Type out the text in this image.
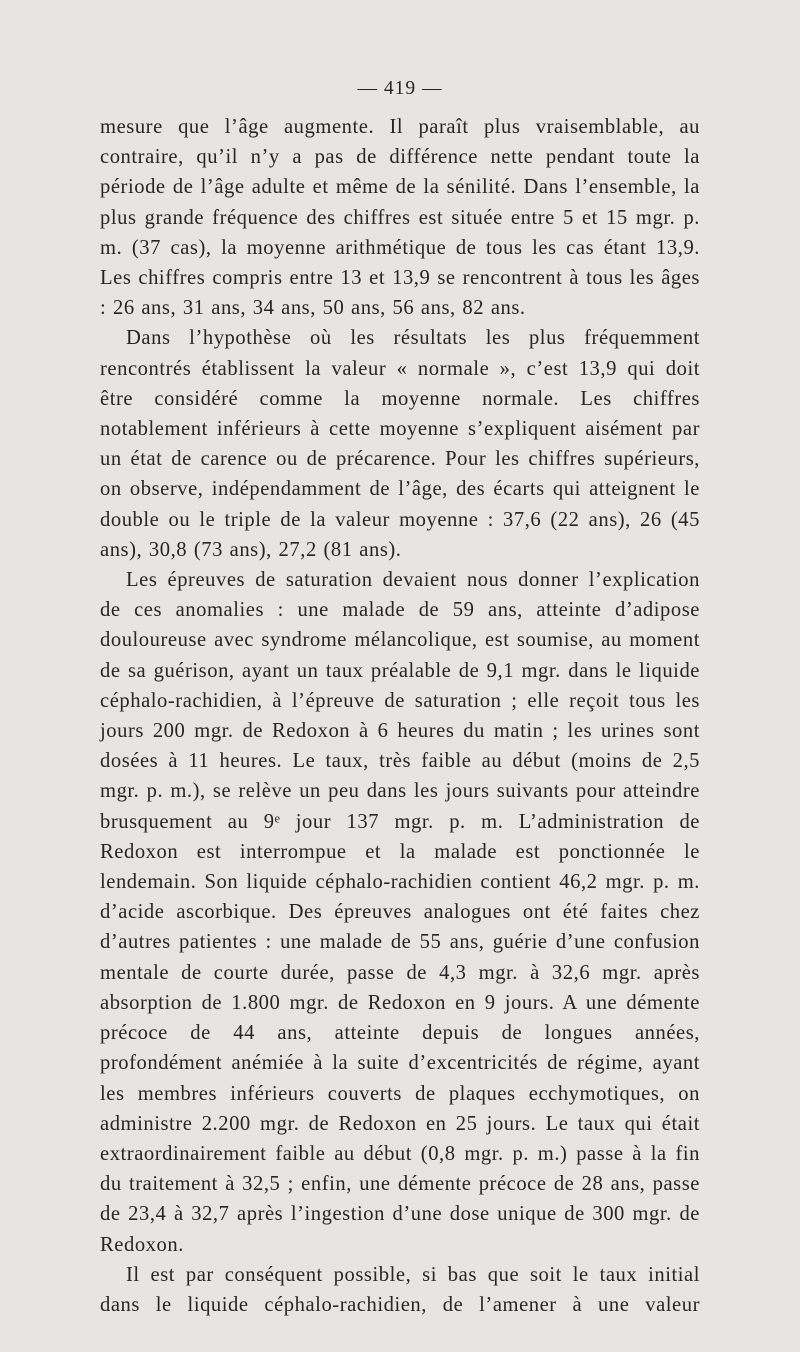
— 419 —

mesure que l’âge augmente. Il paraît plus vraisemblable, au contraire, qu’il n’y a pas de différence nette pendant toute la période de l’âge adulte et même de la sénilité. Dans l’ensemble, la plus grande fréquence des chiffres est située entre 5 et 15 mgr. p. m. (37 cas), la moyenne arithmétique de tous les cas étant 13,9. Les chiffres compris entre 13 et 13,9 se rencontrent à tous les âges : 26 ans, 31 ans, 34 ans, 50 ans, 56 ans, 82 ans.

Dans l’hypothèse où les résultats les plus fréquemment rencontrés établissent la valeur « normale », c’est 13,9 qui doit être considéré comme la moyenne normale. Les chiffres notablement inférieurs à cette moyenne s’expliquent aisément par un état de carence ou de précarence. Pour les chiffres supérieurs, on observe, indépendamment de l’âge, des écarts qui atteignent le double ou le triple de la valeur moyenne : 37,6 (22 ans), 26 (45 ans), 30,8 (73 ans), 27,2 (81 ans).

Les épreuves de saturation devaient nous donner l’explication de ces anomalies : une malade de 59 ans, atteinte d’adipose douloureuse avec syndrome mélancolique, est soumise, au moment de sa guérison, ayant un taux préalable de 9,1 mgr. dans le liquide céphalo-rachidien, à l’épreuve de saturation ; elle reçoit tous les jours 200 mgr. de Redoxon à 6 heures du matin ; les urines sont dosées à 11 heures. Le taux, très faible au début (moins de 2,5 mgr. p. m.), se relève un peu dans les jours suivants pour atteindre brusquement au 9ᵉ jour 137 mgr. p. m. L’administration de Redoxon est interrompue et la malade est ponctionnée le lendemain. Son liquide céphalo-rachidien contient 46,2 mgr. p. m. d’acide ascorbique. Des épreuves analogues ont été faites chez d’autres patientes : une malade de 55 ans, guérie d’une confusion mentale de courte durée, passe de 4,3 mgr. à 32,6 mgr. après absorption de 1.800 mgr. de Redoxon en 9 jours. A une démente précoce de 44 ans, atteinte depuis de longues années, profondément anémiée à la suite d’excentricités de régime, ayant les membres inférieurs couverts de plaques ecchymotiques, on administre 2.200 mgr. de Redoxon en 25 jours. Le taux qui était extraordinairement faible au début (0,8 mgr. p. m.) passe à la fin du traitement à 32,5 ; enfin, une démente précoce de 28 ans, passe de 23,4 à 32,7 après l’ingestion d’une dose unique de 300 mgr. de Redoxon.

Il est par conséquent possible, si bas que soit le taux initial dans le liquide céphalo-rachidien, de l’amener à une valeur
